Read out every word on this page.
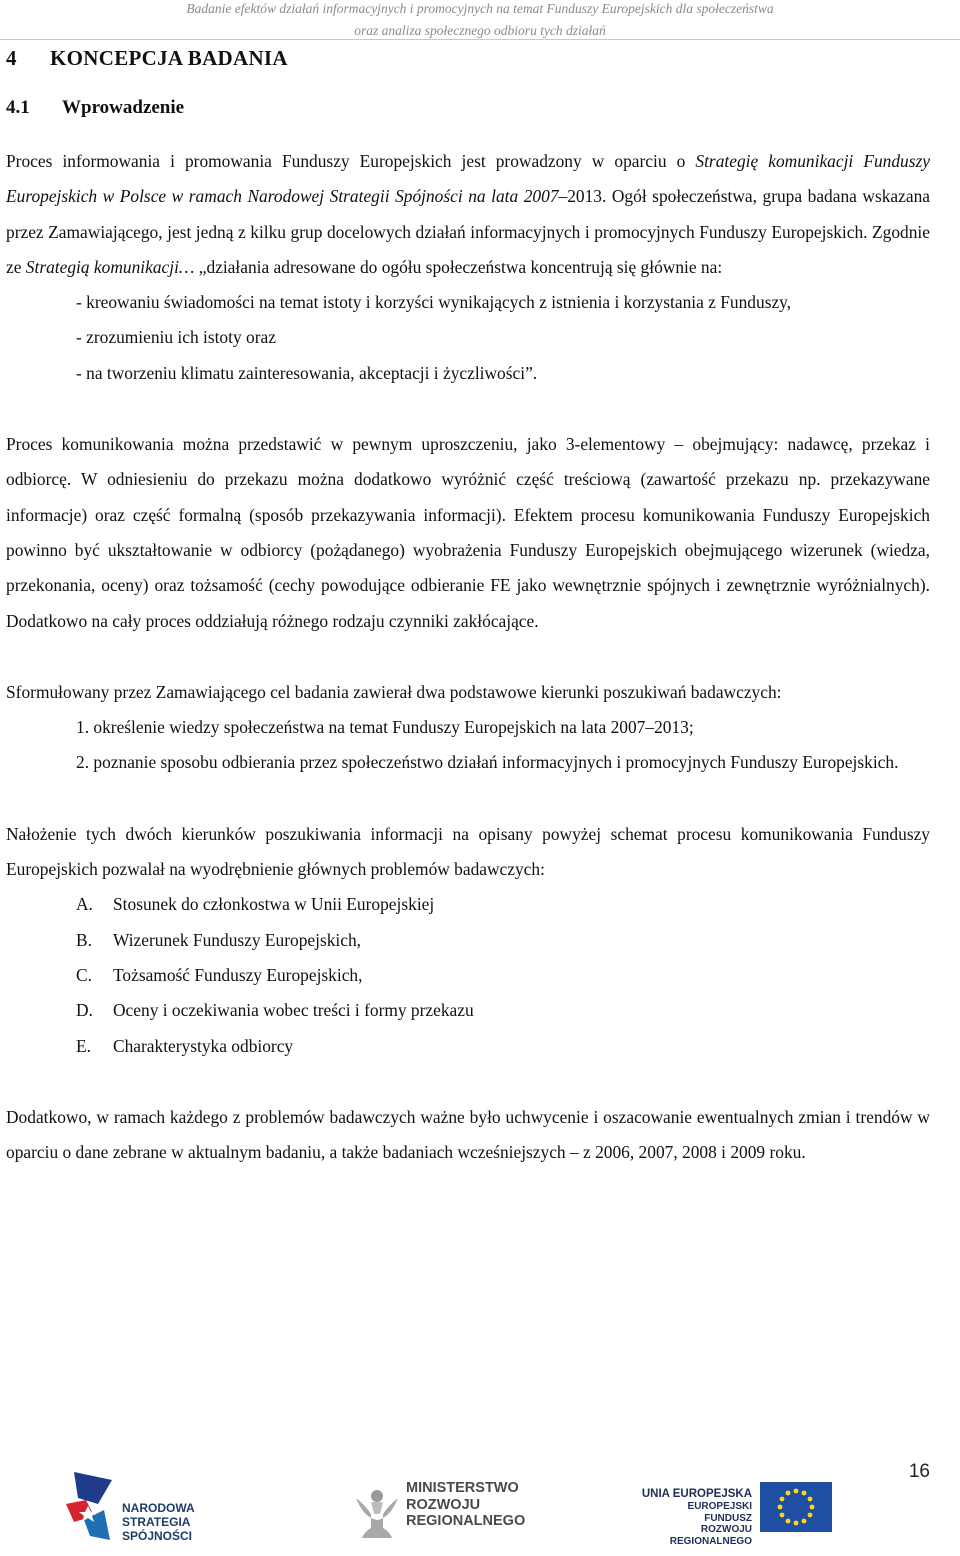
Badanie efektów działań informacyjnych i promocyjnych na temat Funduszy Europejskich dla społeczeństwa
oraz analiza społecznego odbioru tych działań
4 KONCEPCJA BADANIA
4.1 Wprowadzenie

Proces informowania i promowania Funduszy Europejskich jest prowadzony w oparciu o Strategię komunikacji Funduszy Europejskich w Polsce w ramach Narodowej Strategii Spójności na lata 2007–2013. Ogół społeczeństwa, grupa badana wskazana przez Zamawiającego, jest jedną z kilku grup docelowych działań informacyjnych i promocyjnych Funduszy Europejskich. Zgodnie ze Strategią komunikacji… „działania adresowane do ogółu społeczeństwa koncentrują się głównie na:

- kreowaniu świadomości na temat istoty i korzyści wynikających z istnienia i korzystania z Funduszy,
- zrozumieniu ich istoty oraz
- na tworzeniu klimatu zainteresowania, akceptacji i życzliwości”.

Proces komunikowania można przedstawić w pewnym uproszczeniu, jako 3-elementowy – obejmujący: nadawcę, przekaz i odbiorcę. W odniesieniu do przekazu można dodatkowo wyróżnić część treściową (zawartość przekazu np. przekazywane informacje) oraz część formalną (sposób przekazywania informacji). Efektem procesu komunikowania Funduszy Europejskich powinno być ukształtowanie w odbiorcy (pożądanego) wyobrażenia Funduszy Europejskich obejmującego wizerunek (wiedza, przekonania, oceny) oraz tożsamość (cechy powodujące odbieranie FE jako wewnętrznie spójnych i zewnętrznie wyróżnialnych). Dodatkowo na cały proces oddziałują różnego rodzaju czynniki zakłócające.

Sformułowany przez Zamawiającego cel badania zawierał dwa podstawowe kierunki poszukiwań badawczych:

1. określenie wiedzy społeczeństwa na temat Funduszy Europejskich na lata 2007–2013;
2. poznanie sposobu odbierania przez społeczeństwo działań informacyjnych i promocyjnych Funduszy Europejskich.

Nałożenie tych dwóch kierunków poszukiwania informacji na opisany powyżej schemat procesu komunikowania Funduszy Europejskich pozwalał na wyodrębnienie głównych problemów badawczych:

A. Stosunek do członkostwa w Unii Europejskiej
B. Wizerunek Funduszy Europejskich,
C. Tożsamość Funduszy Europejskich,
D. Oceny i oczekiwania wobec treści i formy przekazu
E. Charakterystyka odbiorcy

Dodatkowo, w ramach każdego z problemów badawczych ważne było uchwycenie i oszacowanie ewentualnych zmian i trendów w oparciu o dane zebrane w aktualnym badaniu, a także badaniach wcześniejszych – z 2006, 2007, 2008 i 2009 roku.

16
NARODOWA
STRATEGIA SPÓJNOŚCI
MINISTERSTWO
ROZWOJU
REGIONALNEGO
UNIA EUROPEJSKA
EUROPEJSKI FUNDUSZ
ROZWOJU REGIONALNEGO
